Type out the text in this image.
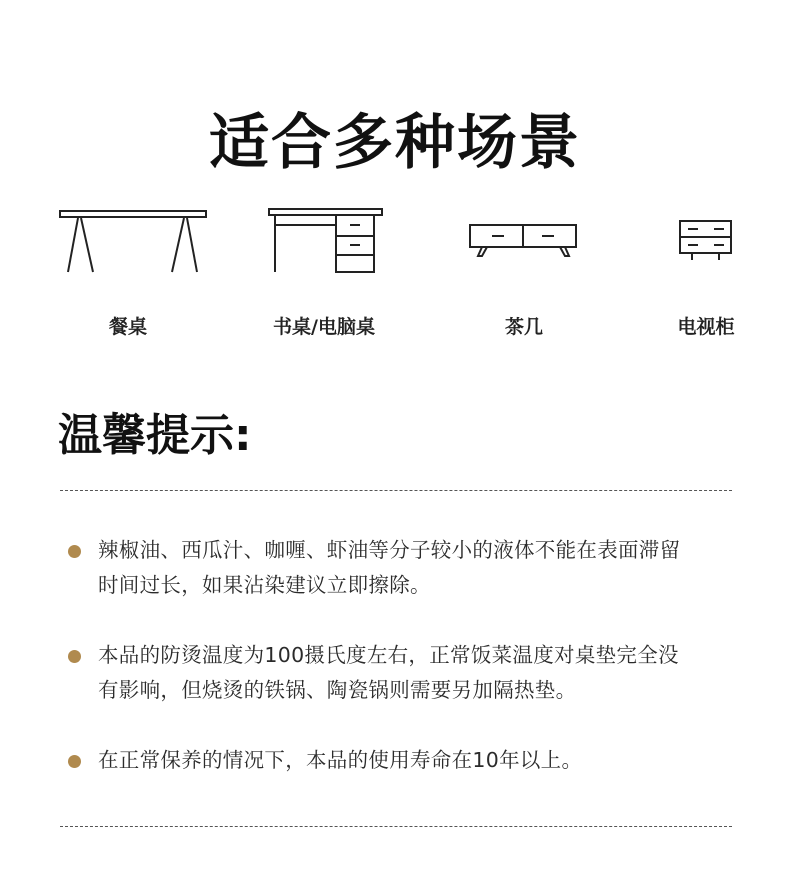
适合多种场景
餐桌	书桌/电脑桌	茶几	电视柜
温馨提示:
辣椒油、西瓜汁、咖喱、虾油等分子较小的液体不能在表面滞留时间过长，如果沾染建议立即擦除。
本品的防烫温度为100摄氏度左右，正常饭菜温度对桌垫完全没有影响，但烧烫的铁锅、陶瓷锅则需要另加隔热垫。
在正常保养的情况下，本品的使用寿命在10年以上。
